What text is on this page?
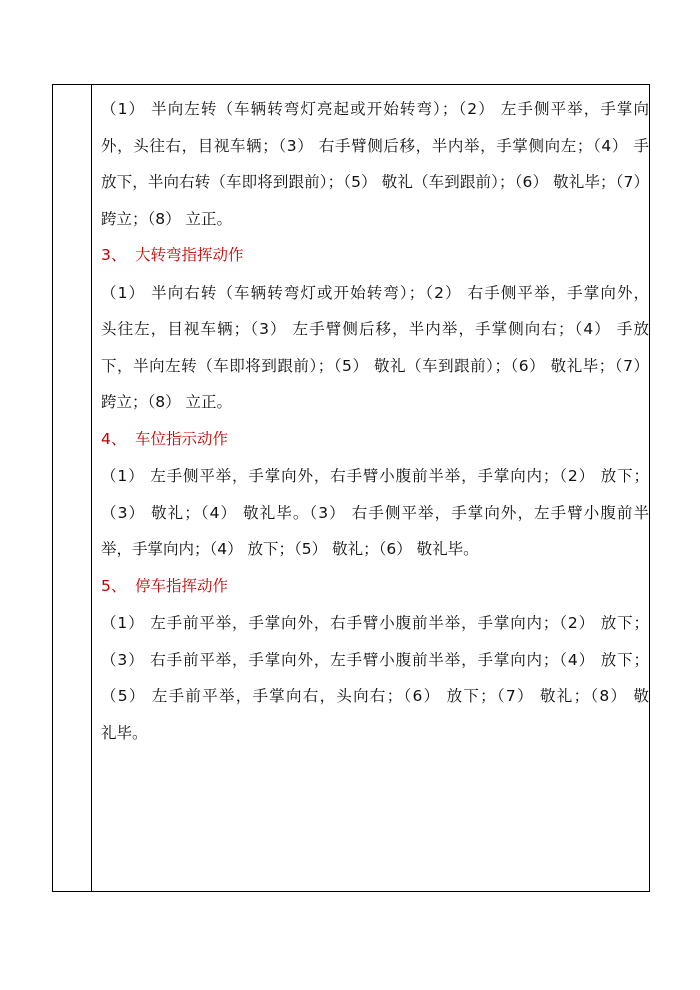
（1） 半向左转（车辆转弯灯亮起或开始转弯）；（2） 左手侧平举，手掌向
外，头往右，目视车辆；（3） 右手臂侧后移，半内举，手掌侧向左；（4） 手
放下，半向右转（车即将到跟前）；（5） 敬礼（车到跟前）；（6） 敬礼毕；（7）
跨立；（8） 立正。
3、 大转弯指挥动作
（1） 半向右转（车辆转弯灯或开始转弯）；（2） 右手侧平举，手掌向外，
头往左，目视车辆；（3） 左手臂侧后移，半内举，手掌侧向右；（4） 手放
下，半向左转（车即将到跟前）；（5） 敬礼（车到跟前）；（6） 敬礼毕；（7）
跨立；（8） 立正。
4、 车位指示动作
（1） 左手侧平举，手掌向外，右手臂小腹前半举，手掌向内；（2） 放下；
（3） 敬礼；（4） 敬礼毕。（3） 右手侧平举，手掌向外，左手臂小腹前半
举，手掌向内；（4） 放下；（5） 敬礼；（6） 敬礼毕。
5、 停车指挥动作
（1） 左手前平举，手掌向外，右手臂小腹前半举，手掌向内；（2） 放下；
（3） 右手前平举，手掌向外，左手臂小腹前半举，手掌向内；（4） 放下；
（5） 左手前平举，手掌向右，头向右；（6） 放下；（7） 敬礼；（8） 敬
礼毕。
